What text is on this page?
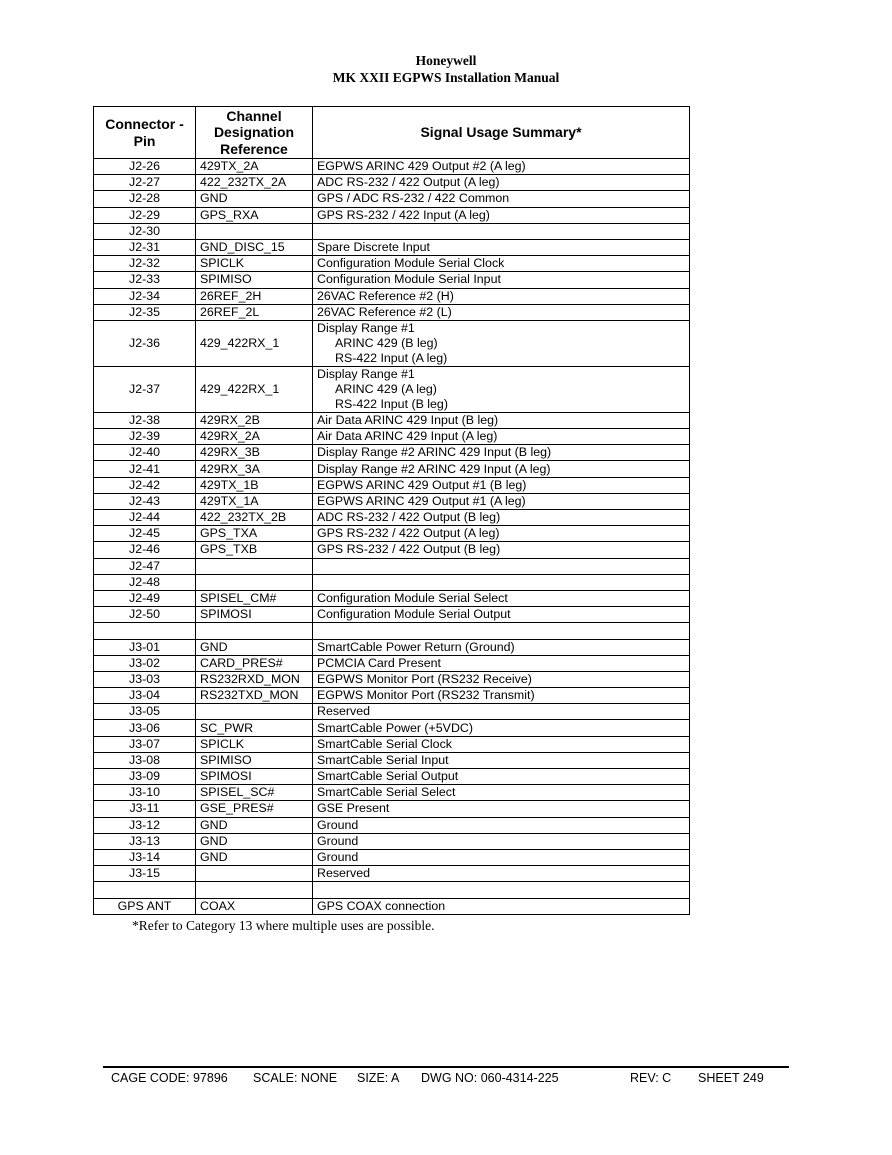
Honeywell
MK XXII EGPWS Installation Manual
Connector - Pin	Channel Designation Reference	Signal Usage Summary*
J2-26	429TX_2A	EGPWS ARINC 429 Output #2 (A leg)

J2-27	422_232TX_2A	ADC RS-232 / 422 Output (A leg)

J2-28	GND	GPS / ADC RS-232 / 422 Common

J2-29	GPS_RXA	GPS RS-232 / 422 Input (A leg)

J2-30		

J2-31	GND_DISC_15	Spare Discrete Input

J2-32	SPICLK	Configuration Module Serial Clock

J2-33	SPIMISO	Configuration Module Serial Input

J2-34	26REF_2H	26VAC Reference #2 (H)

J2-35	26REF_2L	26VAC Reference #2 (L)

J2-36	429_422RX_1	Display Range #1
ARINC 429 (B leg)
RS-422 Input (A leg)

J2-37	429_422RX_1	Display Range #1
ARINC 429 (A leg)
RS-422 Input (B leg)

J2-38	429RX_2B	Air Data ARINC 429 Input (B leg)

J2-39	429RX_2A	Air Data ARINC 429 Input (A leg)

J2-40	429RX_3B	Display Range #2 ARINC 429 Input (B leg)

J2-41	429RX_3A	Display Range #2 ARINC 429 Input (A leg)

J2-42	429TX_1B	EGPWS ARINC 429 Output #1 (B leg)

J2-43	429TX_1A	EGPWS ARINC 429 Output #1 (A leg)

J2-44	422_232TX_2B	ADC RS-232 / 422 Output (B leg)

J2-45	GPS_TXA	GPS RS-232 / 422 Output (A leg)

J2-46	GPS_TXB	GPS RS-232 / 422 Output (B leg)

J2-47		

J2-48		

J2-49	SPISEL_CM#	Configuration Module Serial Select

J2-50	SPIMOSI	Configuration Module Serial Output

J3-01	GND	SmartCable Power Return (Ground)

J3-02	CARD_PRES#	PCMCIA Card Present

J3-03	RS232RXD_MON	EGPWS Monitor Port (RS232 Receive)

J3-04	RS232TXD_MON	EGPWS Monitor Port (RS232 Transmit)

J3-05		Reserved

J3-06	SC_PWR	SmartCable Power (+5VDC)

J3-07	SPICLK	SmartCable Serial Clock

J3-08	SPIMISO	SmartCable Serial Input

J3-09	SPIMOSI	SmartCable Serial Output

J3-10	SPISEL_SC#	SmartCable Serial Select

J3-11	GSE_PRES#	GSE Present

J3-12	GND	Ground

J3-13	GND	Ground

J3-14	GND	Ground

J3-15		Reserved

GPS ANT	COAX	GPS COAX connection
*Refer to Category 13 where multiple uses are possible.
CAGE CODE: 97896 SCALE: NONE SIZE: A DWG NO: 060-4314-225	REV: C SHEET 249
